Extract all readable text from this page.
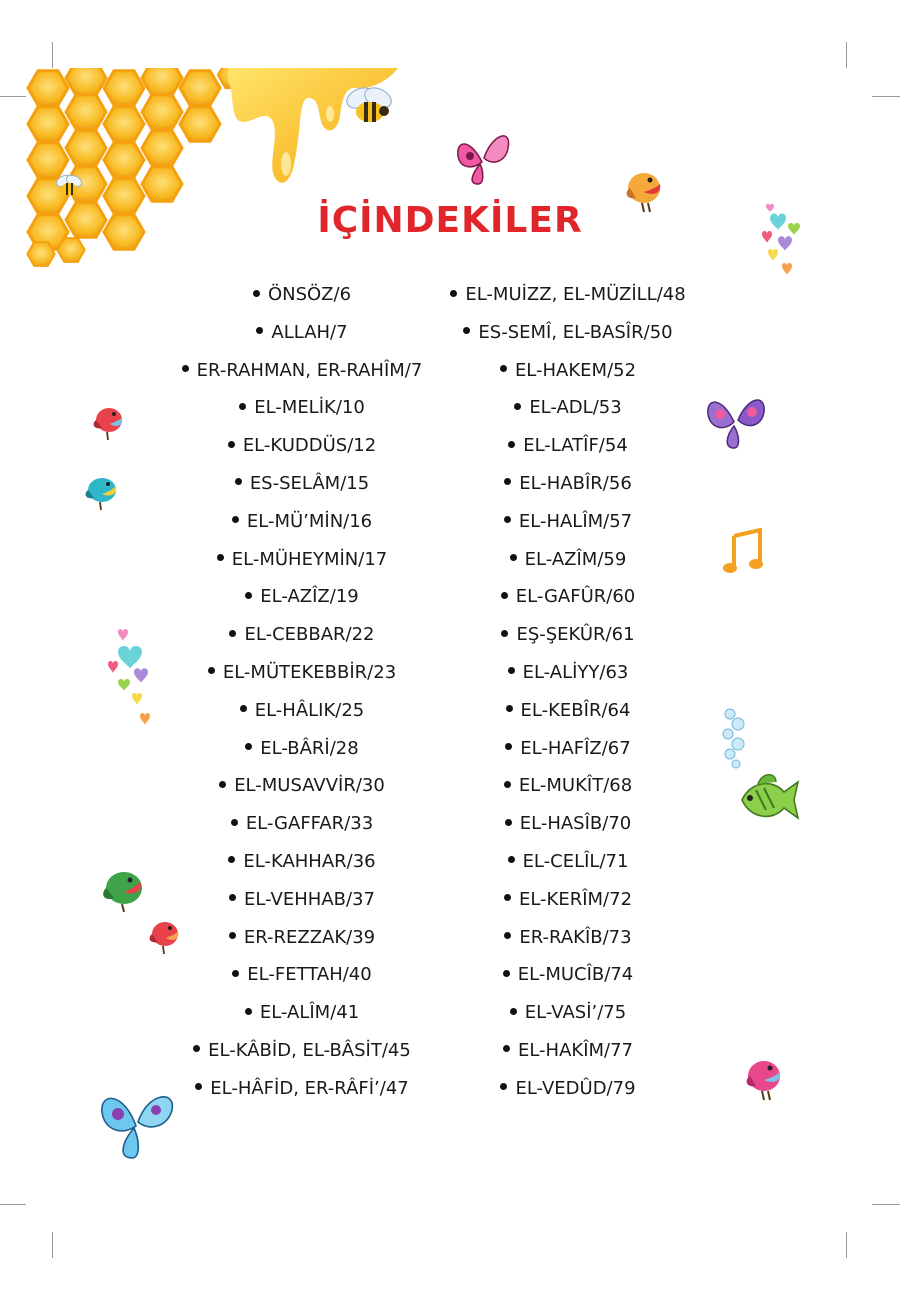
İÇİNDEKİLER
ÖNSÖZ/6
ALLAH/7
ER-RAHMAN, ER-RAHÎM/7
EL-MELİK/10
EL-KUDDÜS/12
ES-SELÂM/15
EL-MÜ’MİN/16
EL-MÜHEYMİN/17
EL-AZÎZ/19
EL-CEBBAR/22
EL-MÜTEKEBBİR/23
EL-HÂLIK/25
EL-BÂRİ/28
EL-MUSAVVİR/30
EL-GAFFAR/33
EL-KAHHAR/36
EL-VEHHAB/37
ER-REZZAK/39
EL-FETTAH/40
EL-ALÎM/41
EL-KÂBİD, EL-BÂSİT/45
EL-HÂFİD, ER-RÂFİ’/47
EL-MUİZZ, EL-MÜZİLL/48
ES-SEMÎ, EL-BASÎR/50
EL-HAKEM/52
EL-ADL/53
EL-LATÎF/54
EL-HABÎR/56
EL-HALÎM/57
EL-AZÎM/59
EL-GAFÛR/60
EŞ-ŞEKÛR/61
EL-ALİYY/63
EL-KEBÎR/64
EL-HAFÎZ/67
EL-MUKÎT/68
EL-HASÎB/70
EL-CELÎL/71
EL-KERÎM/72
ER-RAKÎB/73
EL-MUCÎB/74
EL-VASİ’/75
EL-HAKÎM/77
EL-VEDÛD/79
